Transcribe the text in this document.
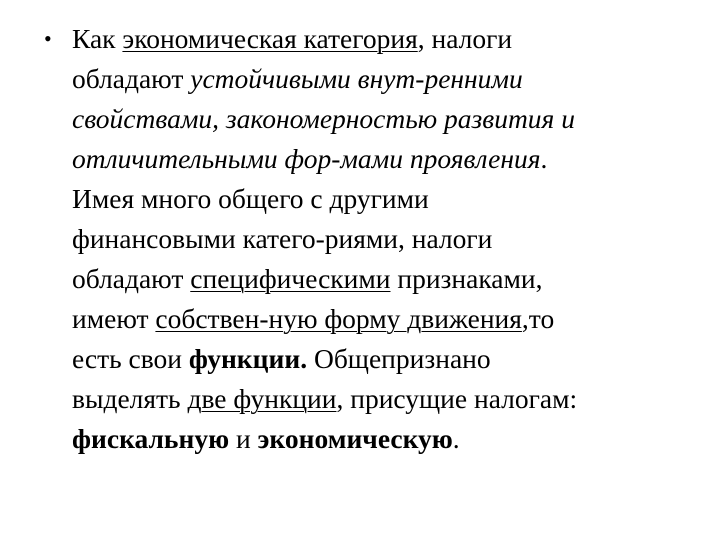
• Как экономическая категория, налоги
обладают устойчивыми внут-ренними
свойствами, закономерностью развития и
отличительными фор-мами проявления.
Имея много общего с другими
финансовыми катего-риями, налоги
обладают специфическими признаками,
имеют собствен-ную форму движения,то
есть свои функции. Общепризнано
выделять две функции, присущие налогам:
фискальную и экономическую.
